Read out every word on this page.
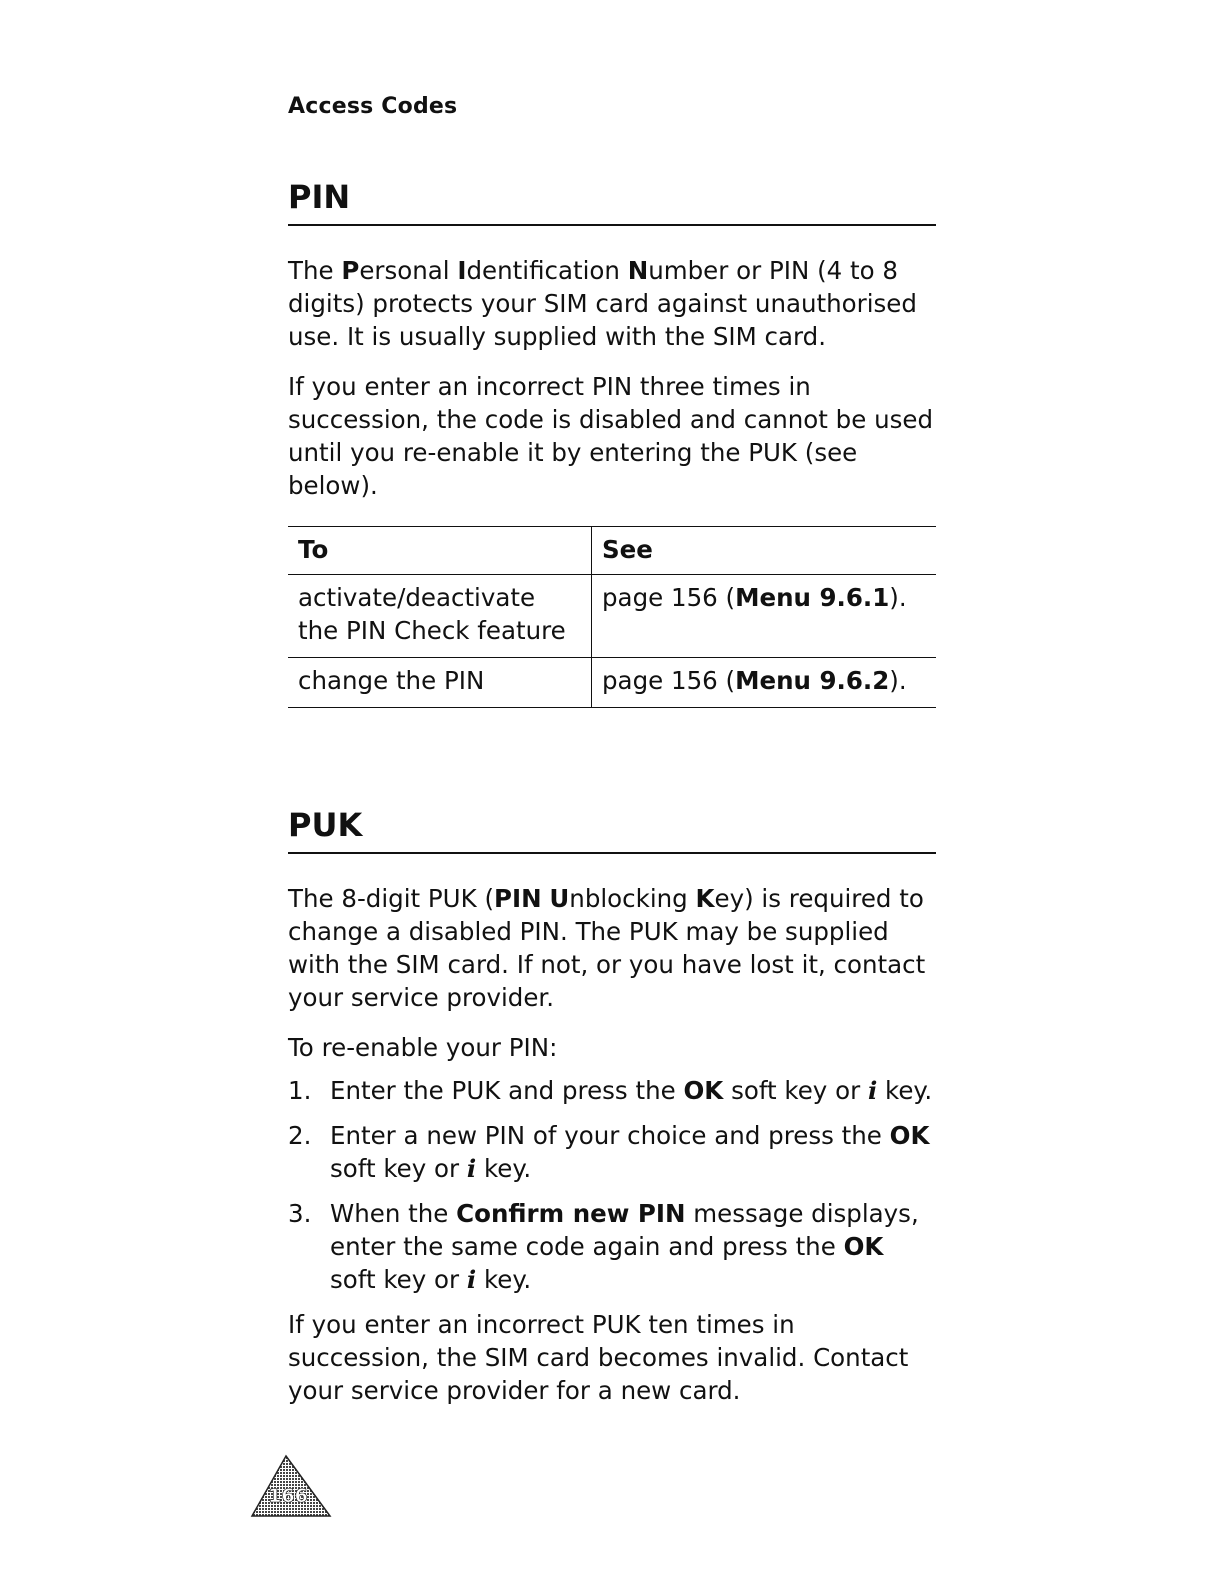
Access Codes
PIN

The Personal Identification Number or PIN (4 to 8 digits) protects your SIM card against unauthorised use. It is usually supplied with the SIM card.

If you enter an incorrect PIN three times in succession, the code is disabled and cannot be used until you re-enable it by entering the PUK (see below).

To	See
activate/deactivate the PIN Check feature	page 156 (Menu 9.6.1).
change the PIN	page 156 (Menu 9.6.2).
PUK

The 8-digit PUK (PIN Unblocking Key) is required to change a disabled PIN. The PUK may be supplied with the SIM card. If not, or you have lost it, contact your service provider.

To re-enable your PIN:

1. Enter the PUK and press the OK soft key or i key.
2. Enter a new PIN of your choice and press the OK soft key or i key.
3. When the Confirm new PIN message displays, enter the same code again and press the OK soft key or i key.

If you enter an incorrect PUK ten times in succession, the SIM card becomes invalid. Contact your service provider for a new card.

166
